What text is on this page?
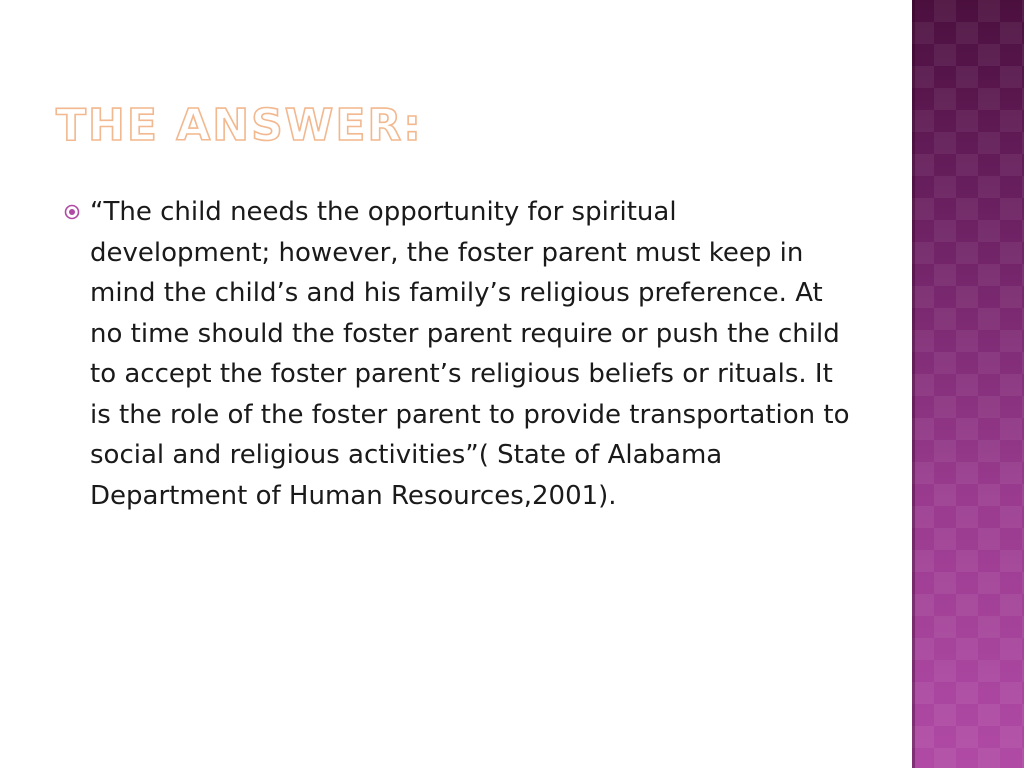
THE ANSWER:

“The child needs the opportunity for spiritual development; however, the foster parent must keep in mind the child’s and his family’s religious preference. At no time should the foster parent require or push the child to accept the foster parent’s religious beliefs or rituals. It is the role of the foster parent to provide transportation to social and religious activities”( State of Alabama Department of Human Resources,2001).
